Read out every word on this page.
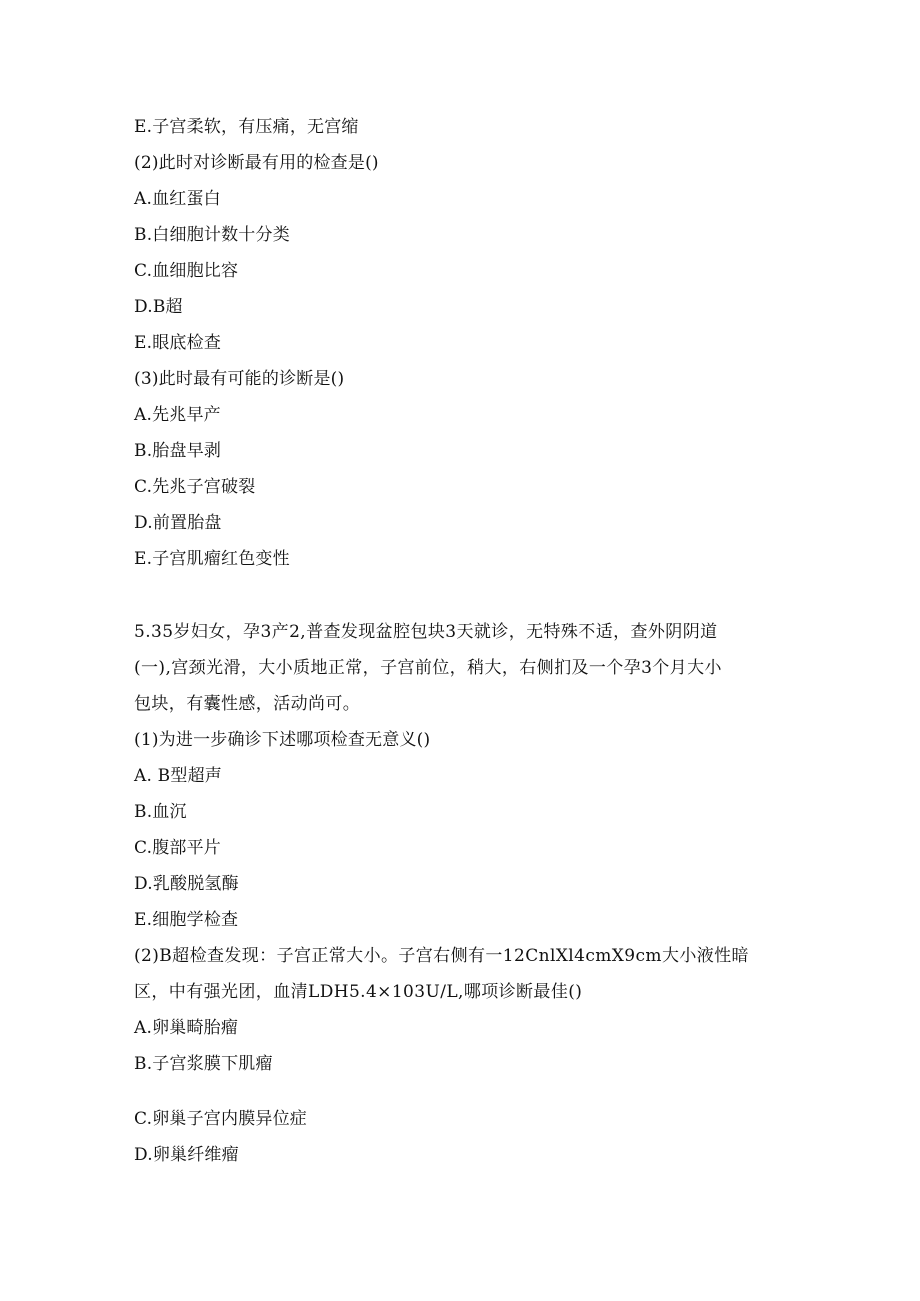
E.子宫柔软，有压痛，无宫缩
(2)此时对诊断最有用的检查是()
A.血红蛋白
B.白细胞计数十分类
C.血细胞比容
D.B超
E.眼底检查
(3)此时最有可能的诊断是()
A.先兆早产
B.胎盘早剥
C.先兆子宫破裂
D.前置胎盘
E.子宫肌瘤红色变性
5.35岁妇女，孕3产2,普查发现盆腔包块3天就诊，无特殊不适，查外阴阴道
(一),宫颈光滑，大小质地正常，子宫前位，稍大，右侧扪及一个孕3个月大小
包块，有囊性感，活动尚可。
(1)为进一步确诊下述哪项检查无意义()
A. B型超声
B.血沉
C.腹部平片
D.乳酸脱氢酶
E.细胞学检查
(2)B超检查发现：子宫正常大小。子宫右侧有一12CnlXl4cmX9cm大小液性暗
区，中有强光团，血清LDH5.4×103U/L,哪项诊断最佳()
A.卵巢畸胎瘤
B.子宫浆膜下肌瘤
C.卵巢子宫内膜异位症
D.卵巢纤维瘤
